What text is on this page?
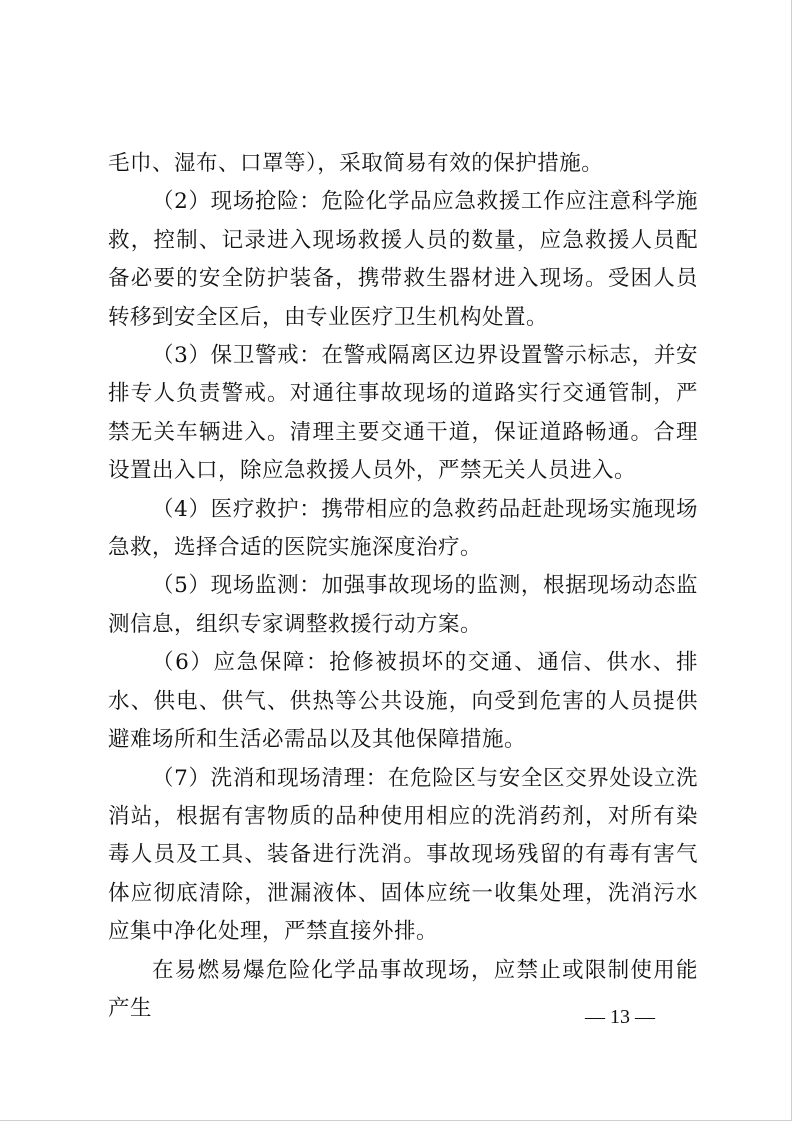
毛巾、湿布、口罩等），采取简易有效的保护措施。

（2）现场抢险：危险化学品应急救援工作应注意科学施救，控制、记录进入现场救援人员的数量，应急救援人员配备必要的安全防护装备，携带救生器材进入现场。受困人员转移到安全区后，由专业医疗卫生机构处置。

（3）保卫警戒：在警戒隔离区边界设置警示标志，并安排专人负责警戒。对通往事故现场的道路实行交通管制，严禁无关车辆进入。清理主要交通干道，保证道路畅通。合理设置出入口，除应急救援人员外，严禁无关人员进入。

（4）医疗救护：携带相应的急救药品赶赴现场实施现场急救，选择合适的医院实施深度治疗。

（5）现场监测：加强事故现场的监测，根据现场动态监测信息，组织专家调整救援行动方案。

（6）应急保障：抢修被损坏的交通、通信、供水、排水、供电、供气、供热等公共设施，向受到危害的人员提供避难场所和生活必需品以及其他保障措施。

（7）洗消和现场清理：在危险区与安全区交界处设立洗消站，根据有害物质的品种使用相应的洗消药剂，对所有染毒人员及工具、装备进行洗消。事故现场残留的有毒有害气体应彻底清除，泄漏液体、固体应统一收集处理，洗消污水应集中净化处理，严禁直接外排。

在易燃易爆危险化学品事故现场，应禁止或限制使用能产生	— 13 —
